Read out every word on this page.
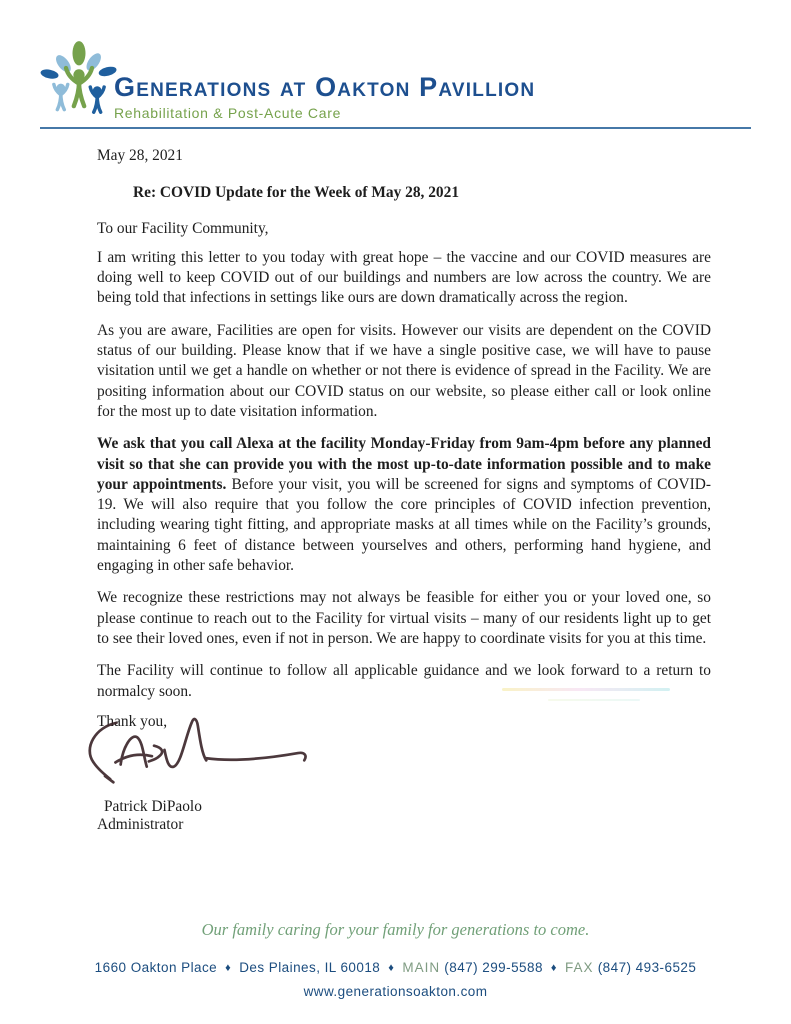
Generations at Oakton Pavillion
Rehabilitation & Post-Acute Care

May 28, 2021

Re: COVID Update for the Week of May 28, 2021

To our Facility Community,

I am writing this letter to you today with great hope – the vaccine and our COVID measures are doing well to keep COVID out of our buildings and numbers are low across the country. We are being told that infections in settings like ours are down dramatically across the region.

As you are aware, Facilities are open for visits. However our visits are dependent on the COVID status of our building. Please know that if we have a single positive case, we will have to pause visitation until we get a handle on whether or not there is evidence of spread in the Facility. We are positing information about our COVID status on our website, so please either call or look online for the most up to date visitation information.

We ask that you call Alexa at the facility Monday-Friday from 9am-4pm before any planned visit so that she can provide you with the most up-to-date information possible and to make your appointments. Before your visit, you will be screened for signs and symptoms of COVID-19. We will also require that you follow the core principles of COVID infection prevention, including wearing tight fitting, and appropriate masks at all times while on the Facility’s grounds, maintaining 6 feet of distance between yourselves and others, performing hand hygiene, and engaging in other safe behavior.

We recognize these restrictions may not always be feasible for either you or your loved one, so please continue to reach out to the Facility for virtual visits – many of our residents light up to get to see their loved ones, even if not in person. We are happy to coordinate visits for you at this time.

The Facility will continue to follow all applicable guidance and we look forward to a return to normalcy soon.

Thank you,

Patrick DiPaolo

Administrator

Our family caring for your family for generations to come.
1660 Oakton Place ♦ Des Plaines, IL 60018 ♦ MAIN (847) 299-5588 ♦ FAX (847) 493-6525
www.generationsoakton.com
